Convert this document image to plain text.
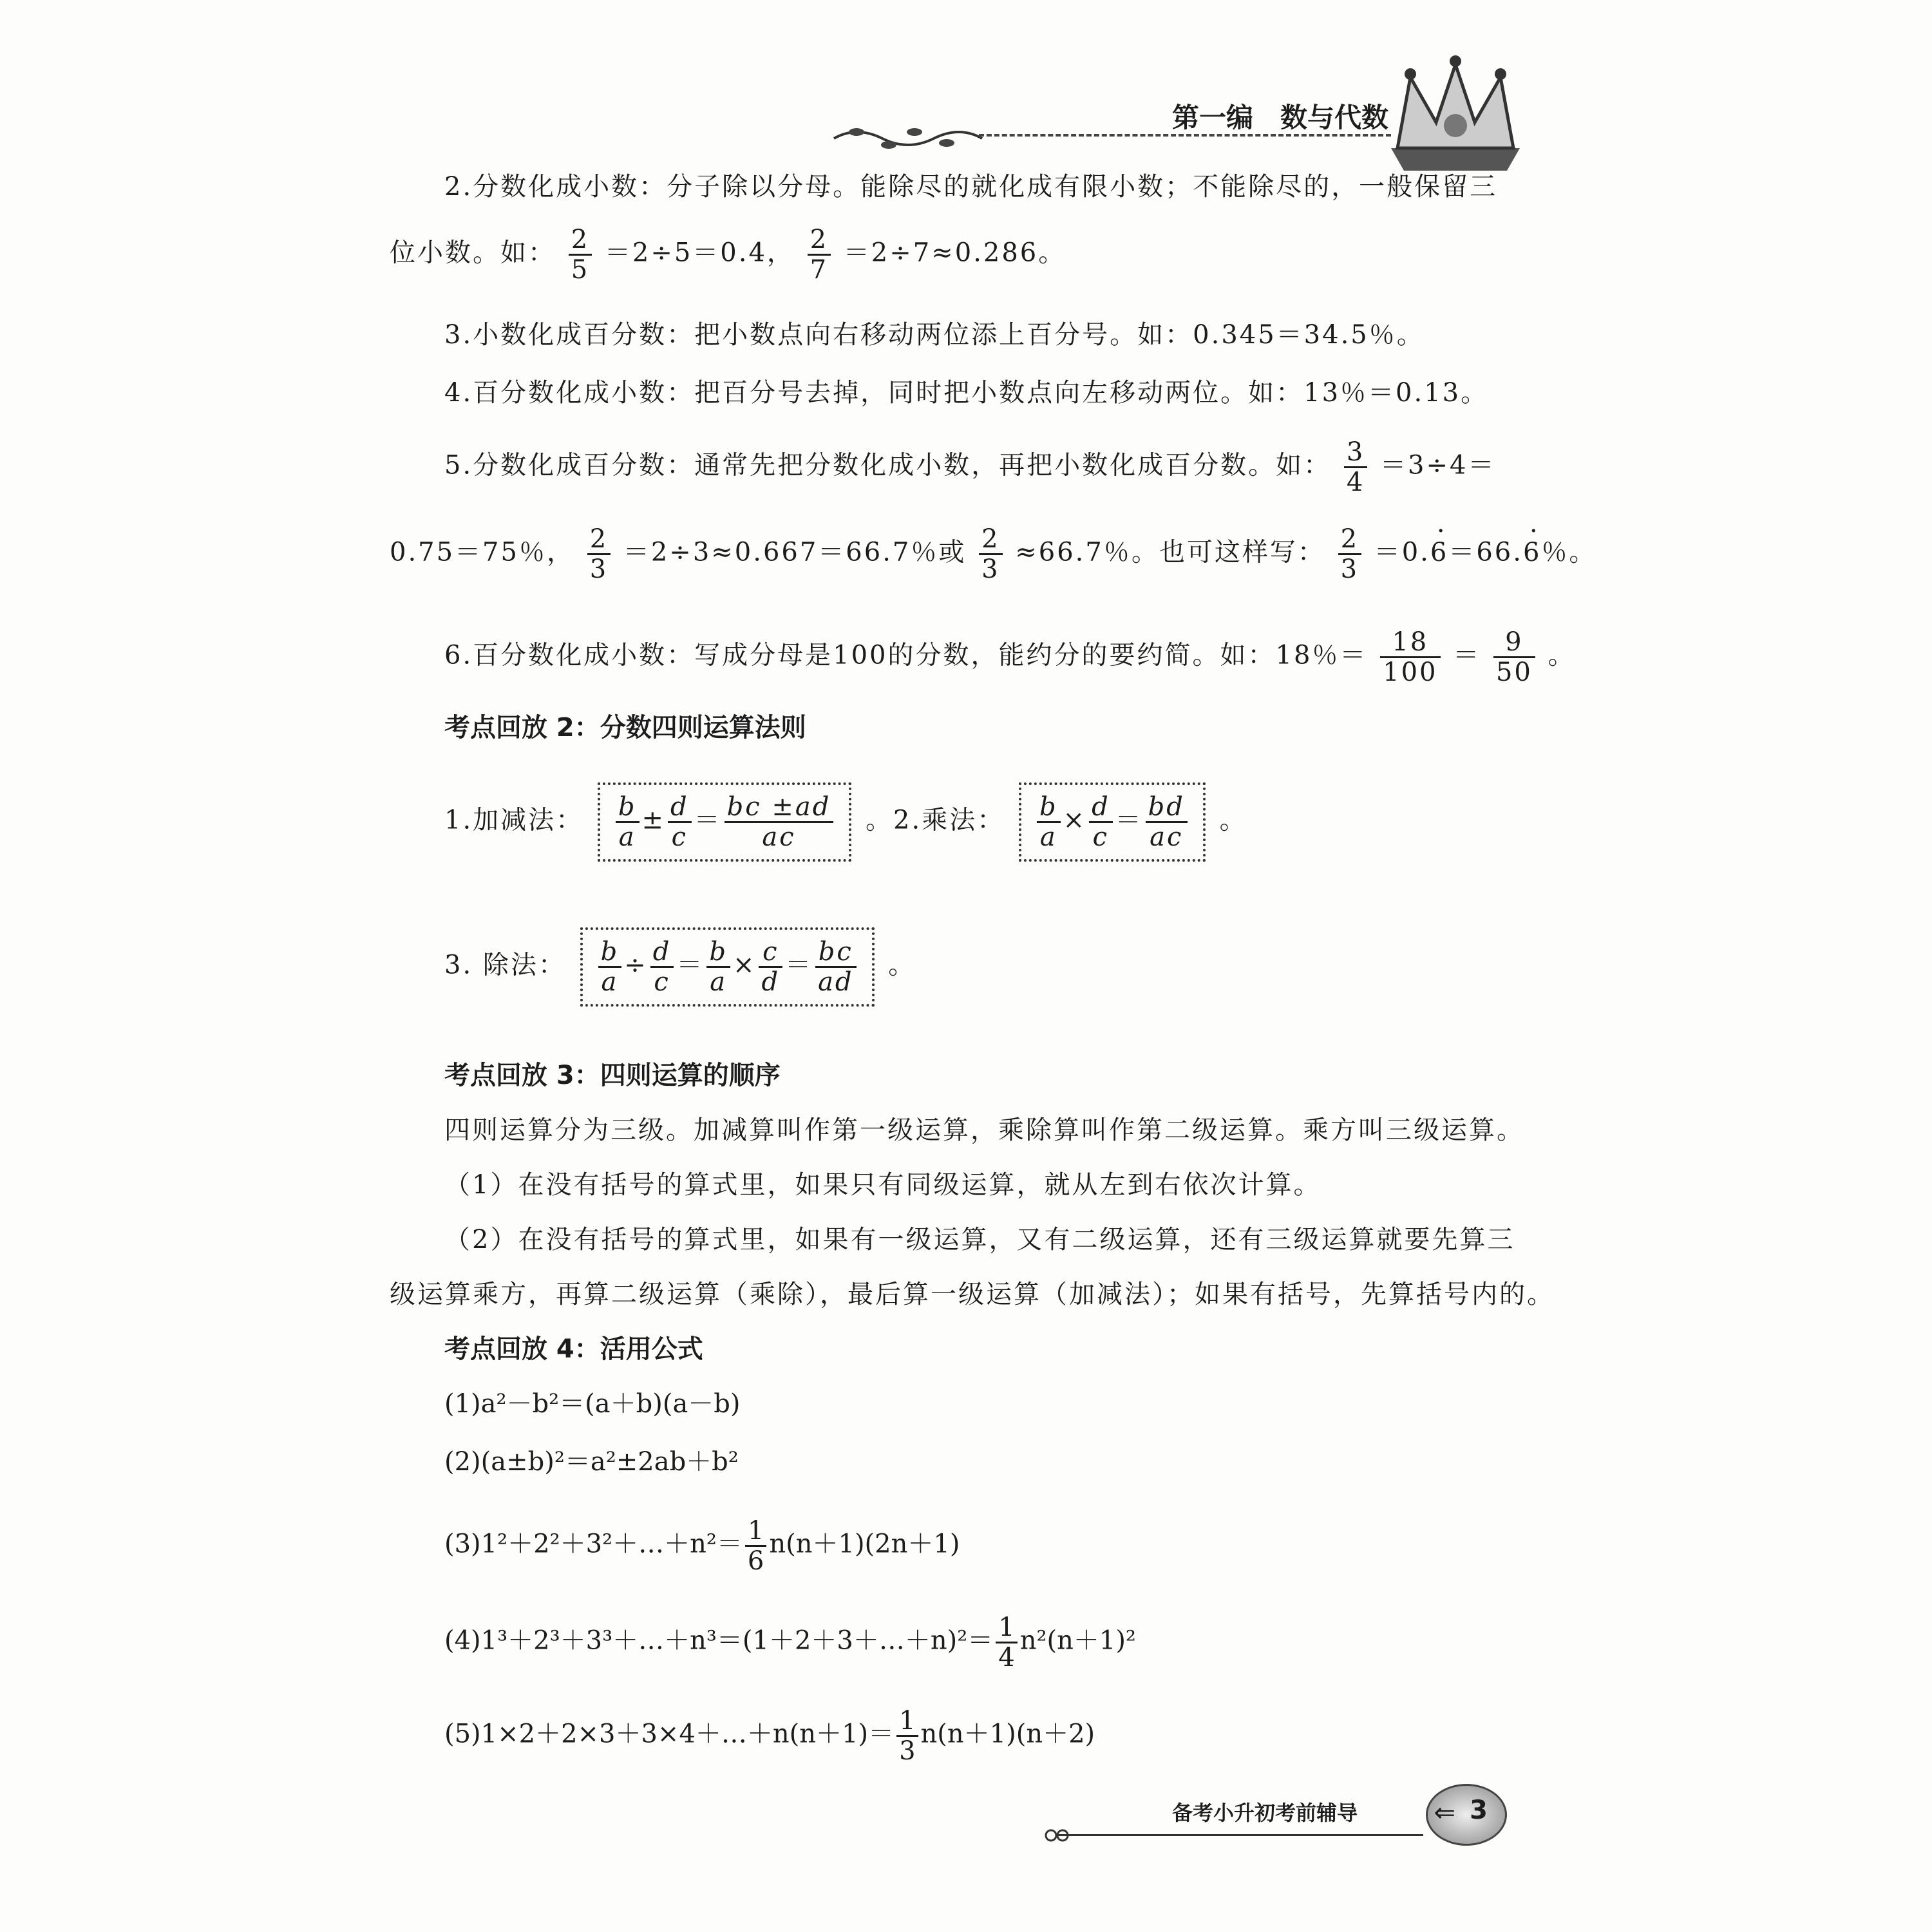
第一编　数与代数
2.分数化成小数：分子除以分母。能除尽的就化成有限小数；不能除尽的，一般保留三
位小数。如： $\frac{2}{5} =2\div 5=0.4$， $\frac{2}{7} =2\div 7\approx 0.286$。
3.小数化成百分数：把小数点向右移动两位添上百分号。如：0.345＝34.5％。
4.百分数化成小数：把百分号去掉，同时把小数点向左移动两位。如：13％＝0.13。
5.分数化成百分数：通常先把分数化成小数，再把小数化成百分数。如： $\frac{3}{4} =3\div 4=$
0.75＝75％， $\frac{2}{3} =2\div 3\approx 0.667=66.7$％或 $\frac{2}{3} \approx 66.7$％。也可这样写： $\frac{2}{3} =0.6 \cdot=66.6$ ·％。
6.百分数化成小数：写成分母是100的分数，能约分的要约简。如：18％＝ $\frac{18}{100} = \frac{9}{50}$ 。
考点回放 2：分数四则运算法则
1.加减法： $\frac{b}{a} \pm \frac{d}{c} = \frac{bc \pm ad}{ac}$ 。2.乘法： $\frac{b}{a} \times \frac{d}{c} = \frac{bd}{ac}$ 。
3. 除法： $\frac{b}{a} \div \frac{d}{c} = \frac{b}{a} \times \frac{c}{d} = \frac{bc}{ad}$ 。
考点回放 3：四则运算的顺序
四则运算分为三级。加减算叫作第一级运算，乘除算叫作第二级运算。乘方叫三级运算。
（1）在没有括号的算式里，如果只有同级运算，就从左到右依次计算。
（2）在没有括号的算式里，如果有一级运算，又有二级运算，还有三级运算就要先算三
级运算乘方，再算二级运算（乘除），最后算一级运算（加减法）；如果有括号，先算括号内的。
考点回放 4：活用公式
(1)a²－b²＝(a＋b)(a－b)
(2)(a±b)²＝a²±2ab＋b²
(3)1²＋2²＋3²＋…＋n²＝ $\frac{1}{6} n(n+1)(2n+1)$
(4)1³＋2³＋3³＋…＋n³＝(1＋2＋3＋…＋n)²＝ $\frac{1}{4} n^2(n+1)^2$
(5)1×2＋2×3＋3×4＋…＋n(n＋1)＝ $\frac{1}{3} n(n+1)(n+2)$
备考小升初考前辅导	⇐ 3
